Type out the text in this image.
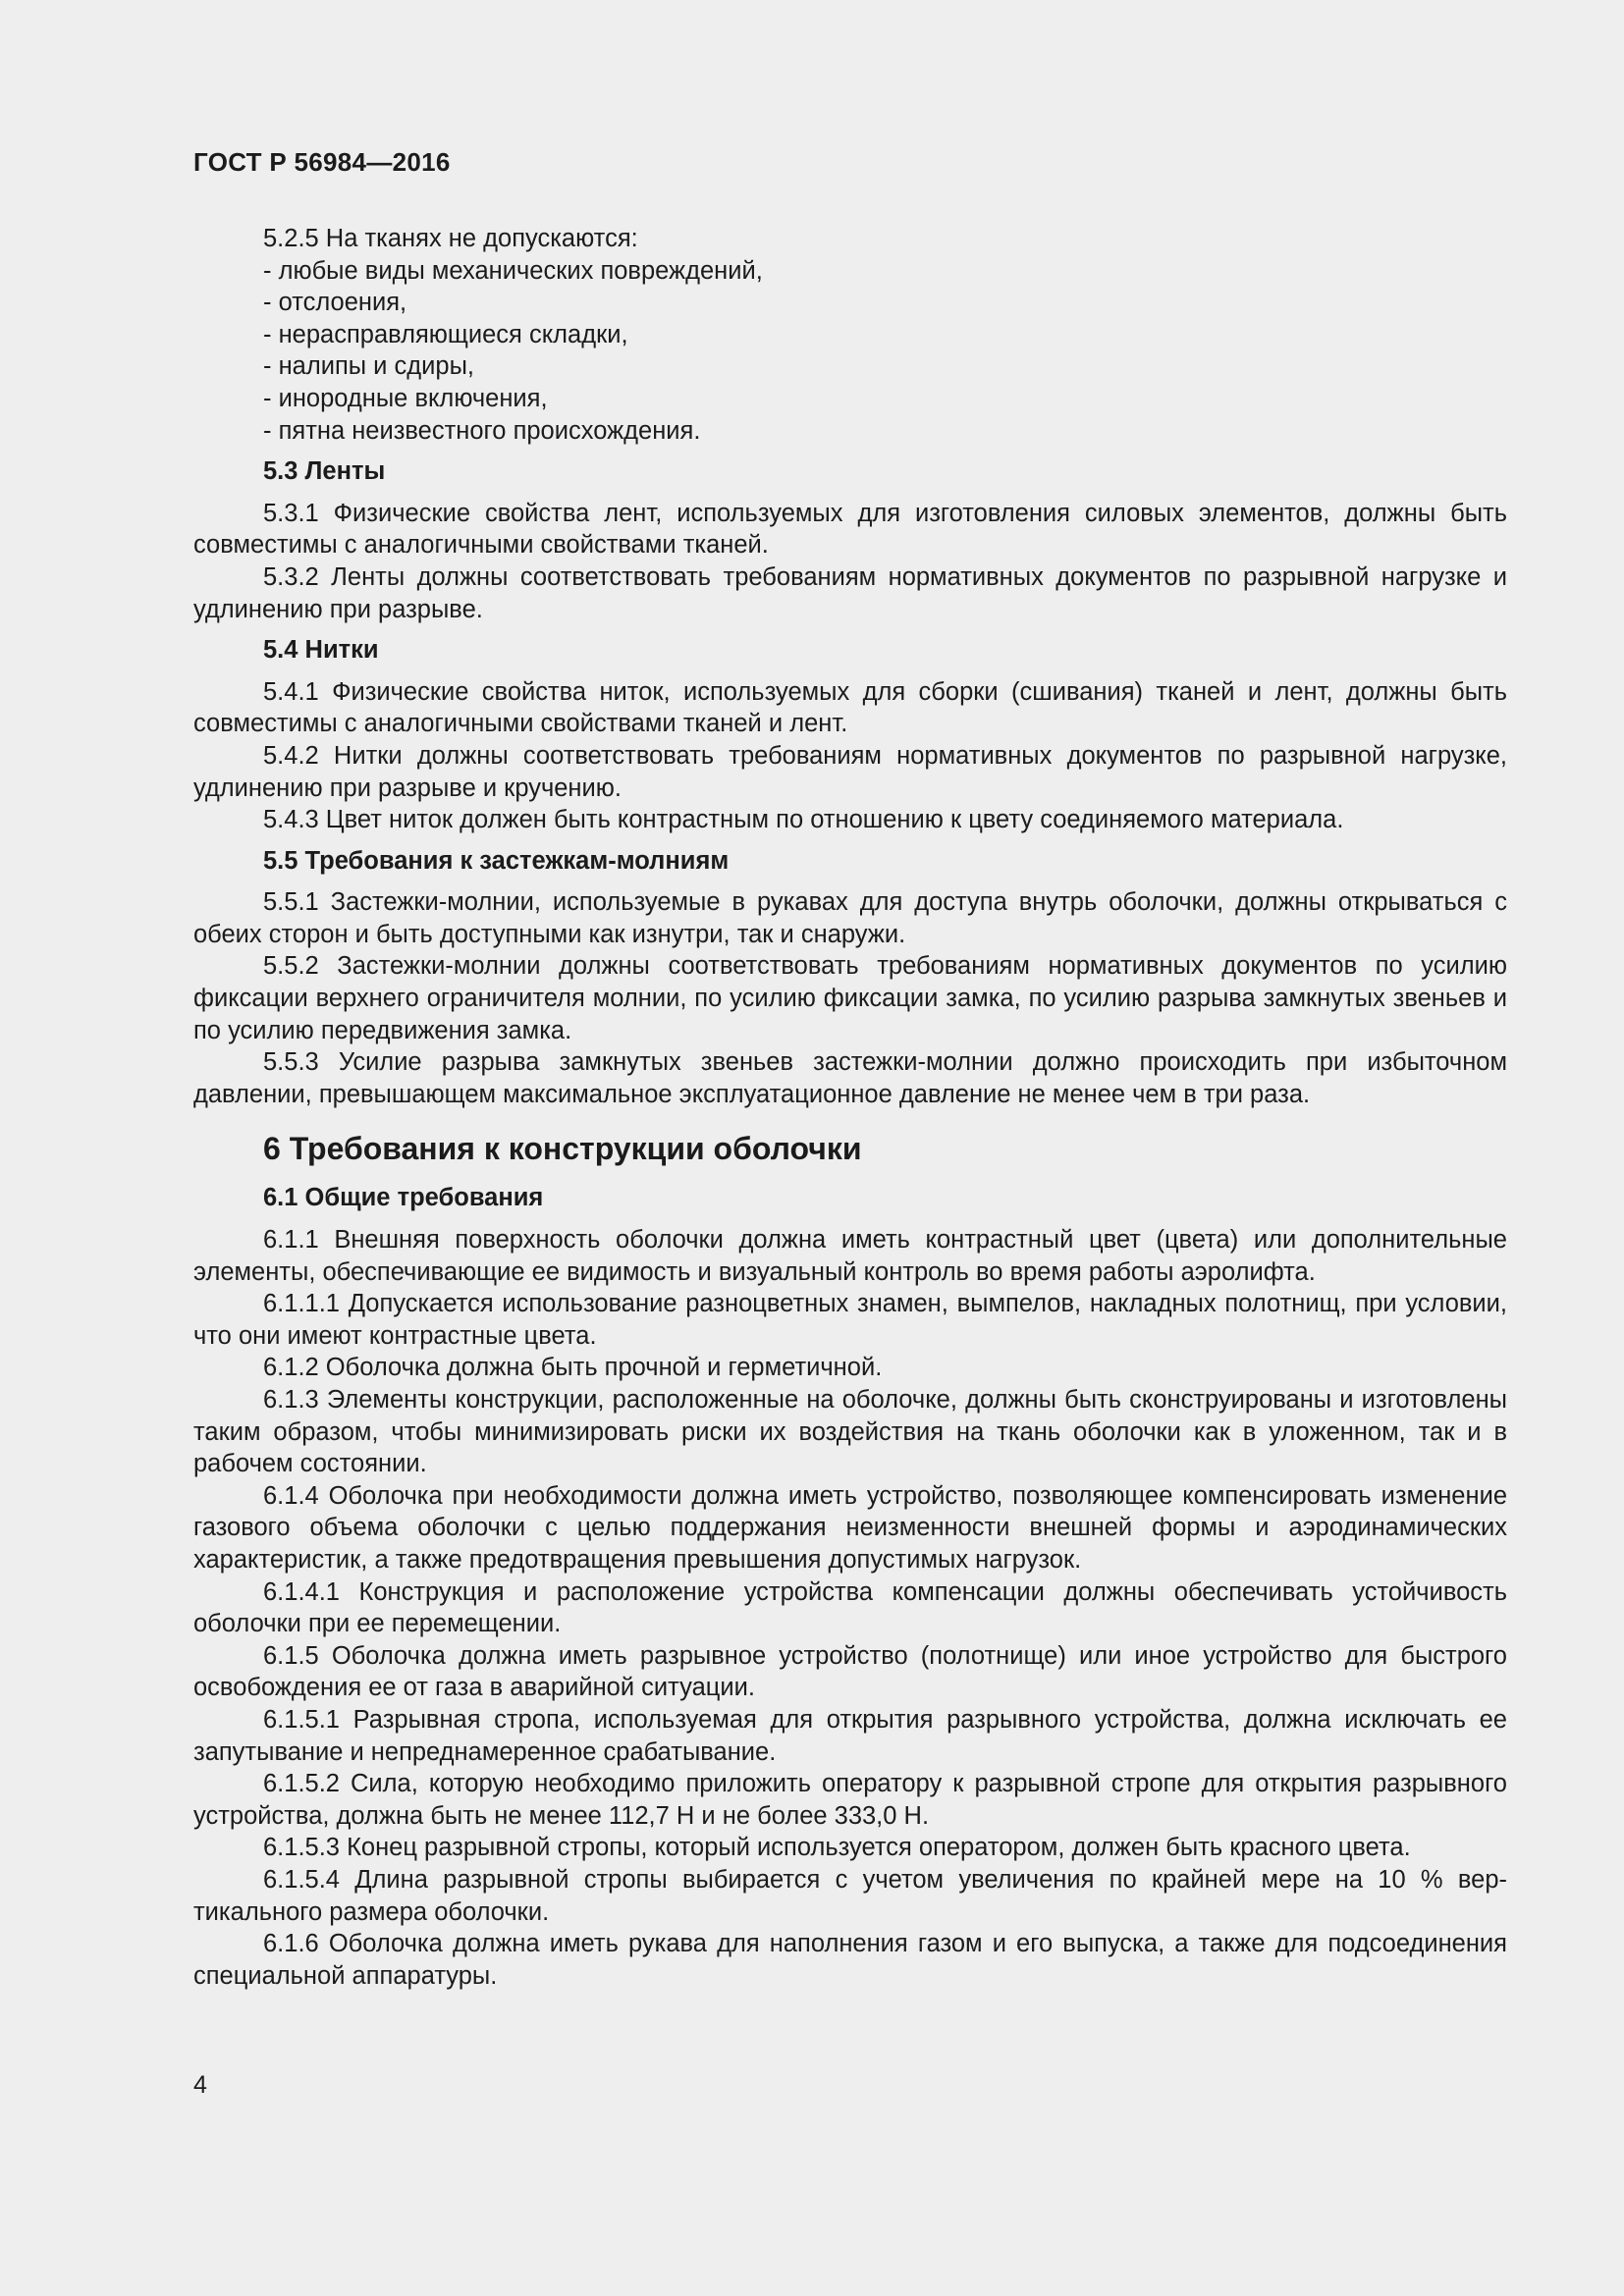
ГОСТ Р 56984—2016

5.2.5 На тканях не допускаются:

- любые виды механических повреждений,

- отслоения,

- нерасправляющиеся складки,

- налипы и сдиры,

- инородные включения,

- пятна неизвестного происхождения.

5.3 Ленты

5.3.1 Физические свойства лент, используемых для изготовления силовых элементов, должны быть совместимы с аналогичными свойствами тканей.

5.3.2 Ленты должны соответствовать требованиям нормативных документов по разрывной нагрузке и удлинению при разрыве.

5.4 Нитки

5.4.1 Физические свойства ниток, используемых для сборки (сшивания) тканей и лент, должны быть совместимы с аналогичными свойствами тканей и лент.

5.4.2 Нитки должны соответствовать требованиям нормативных документов по разрывной нагрузке, удлинению при разрыве и кручению.

5.4.3 Цвет ниток должен быть контрастным по отношению к цвету соединяемого материала.

5.5 Требования к застежкам-молниям

5.5.1 Застежки-молнии, используемые в рукавах для доступа внутрь оболочки, должны открываться с обеих сторон и быть доступными как изнутри, так и снаружи.

5.5.2 Застежки-молнии должны соответствовать требованиям нормативных документов по усилию фиксации верхнего ограничителя молнии, по усилию фиксации замка, по усилию разрыва замкнутых звеньев и по усилию передвижения замка.

5.5.3 Усилие разрыва замкнутых звеньев застежки-молнии должно происходить при избыточном давлении, превышающем максимальное эксплуатационное давление не менее чем в три раза.

6 Требования к конструкции оболочки
6.1 Общие требования

6.1.1 Внешняя поверхность оболочки должна иметь контрастный цвет (цвета) или дополнительные элементы, обеспечивающие ее видимость и визуальный контроль во время работы аэролифта.

6.1.1.1 Допускается использование разноцветных знамен, вымпелов, накладных полотнищ, при условии, что они имеют контрастные цвета.

6.1.2 Оболочка должна быть прочной и герметичной.

6.1.3 Элементы конструкции, расположенные на оболочке, должны быть сконструированы и изготовлены таким образом, чтобы минимизировать риски их воздействия на ткань оболочки как в уложенном, так и в рабочем состоянии.

6.1.4 Оболочка при необходимости должна иметь устройство, позволяющее компенсировать изменение газового объема оболочки с целью поддержания неизменности внешней формы и аэродинамических характеристик, а также предотвращения превышения допустимых нагрузок.

6.1.4.1 Конструкция и расположение устройства компенсации должны обеспечивать устойчивость оболочки при ее перемещении.

6.1.5 Оболочка должна иметь разрывное устройство (полотнище) или иное устройство для быстрого освобождения ее от газа в аварийной ситуации.

6.1.5.1 Разрывная стропа, используемая для открытия разрывного устройства, должна исключать ее запутывание и непреднамеренное срабатывание.

6.1.5.2 Сила, которую необходимо приложить оператору к разрывной стропе для открытия разрывного устройства, должна быть не менее 112,7 Н и не более 333,0 Н.

6.1.5.3 Конец разрывной стропы, который используется оператором, должен быть красного цвета.

6.1.5.4 Длина разрывной стропы выбирается с учетом увеличения по крайней мере на 10 % вертикального размера оболочки.

6.1.6 Оболочка должна иметь рукава для наполнения газом и его выпуска, а также для подсоединения специальной аппаратуры.

4
